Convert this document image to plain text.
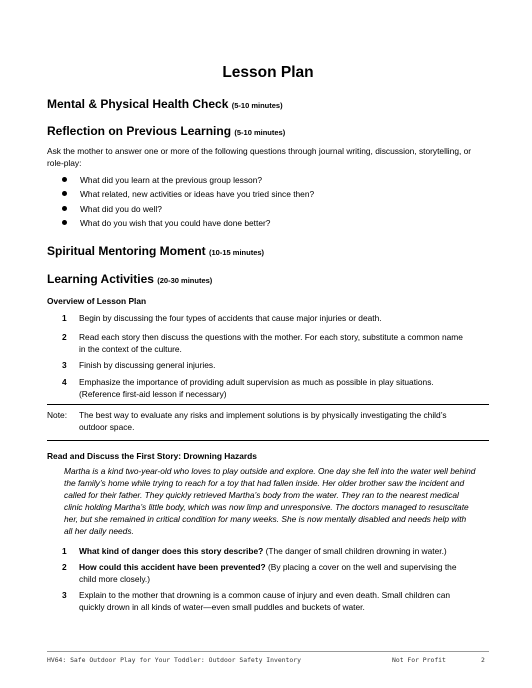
Lesson Plan
Mental & Physical Health Check (5-10 minutes)
Reflection on Previous Learning (5-10 minutes)
Ask the mother to answer one or more of the following questions through journal writing, discussion, storytelling, or role-play:
What did you learn at the previous group lesson?
What related, new activities or ideas have you tried since then?
What did you do well?
What do you wish that you could have done better?
Spiritual Mentoring Moment (10-15 minutes)
Learning Activities (20-30 minutes)
Overview of Lesson Plan
1 Begin by discussing the four types of accidents that cause major injuries or death.
2 Read each story then discuss the questions with the mother. For each story, substitute a common name in the context of the culture.
3 Finish by discussing general injuries.
4 Emphasize the importance of providing adult supervision as much as possible in play situations. (Reference first-aid lesson if necessary)
Note: The best way to evaluate any risks and implement solutions is by physically investigating the child’s outdoor space.
Read and Discuss the First Story: Drowning Hazards
Martha is a kind two-year-old who loves to play outside and explore. One day she fell into the water well behind the family’s home while trying to reach for a toy that had fallen inside. Her older brother saw the incident and called for their father. They quickly retrieved Martha’s body from the water. They ran to the nearest medical clinic holding Martha’s little body, which was now limp and unresponsive. The doctors managed to resuscitate her, but she remained in critical condition for many weeks. She is now mentally disabled and needs help with all her daily needs.
1 What kind of danger does this story describe? (The danger of small children drowning in water.)
2 How could this accident have been prevented? (By placing a cover on the well and supervising the child more closely.)
3 Explain to the mother that drowning is a common cause of injury and even death. Small children can quickly drown in all kinds of water—even small puddles and buckets of water.
HV64: Safe Outdoor Play for Your Toddler: Outdoor Safety Inventory	Not For Profit	2
